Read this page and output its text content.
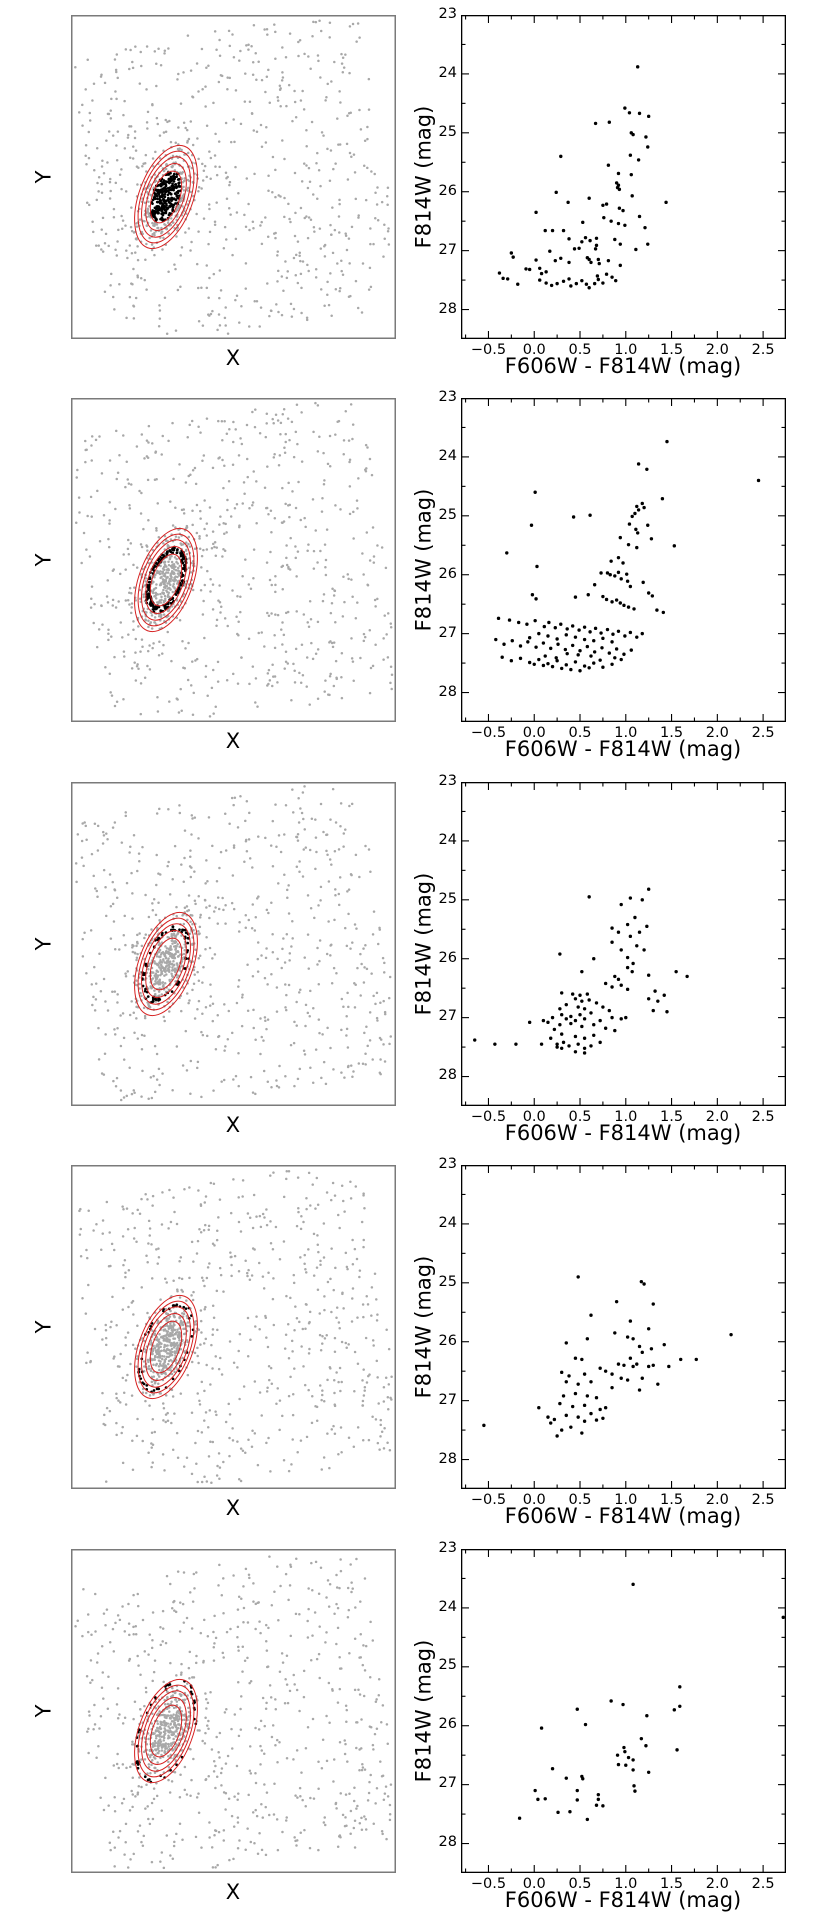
Y
X
F814W (mag)
F606W - F814W (mag)
−0.5	0.0	0.5	1.0	1.5	2.0	2.5
23
24
25
26
27
28
Y
X
F814W (mag)
F606W - F814W (mag)
−0.5	0.0	0.5	1.0	1.5	2.0	2.5
23
24
25
26
27
28
Y
X
F814W (mag)
F606W - F814W (mag)
−0.5	0.0	0.5	1.0	1.5	2.0	2.5
23
24
25
26
27
28
Y
X
F814W (mag)
F606W - F814W (mag)
−0.5	0.0	0.5	1.0	1.5	2.0	2.5
23
24
25
26
27
28
Y
X
F814W (mag)
F606W - F814W (mag)
−0.5	0.0	0.5	1.0	1.5	2.0	2.5
23
24
25
26
27
28
